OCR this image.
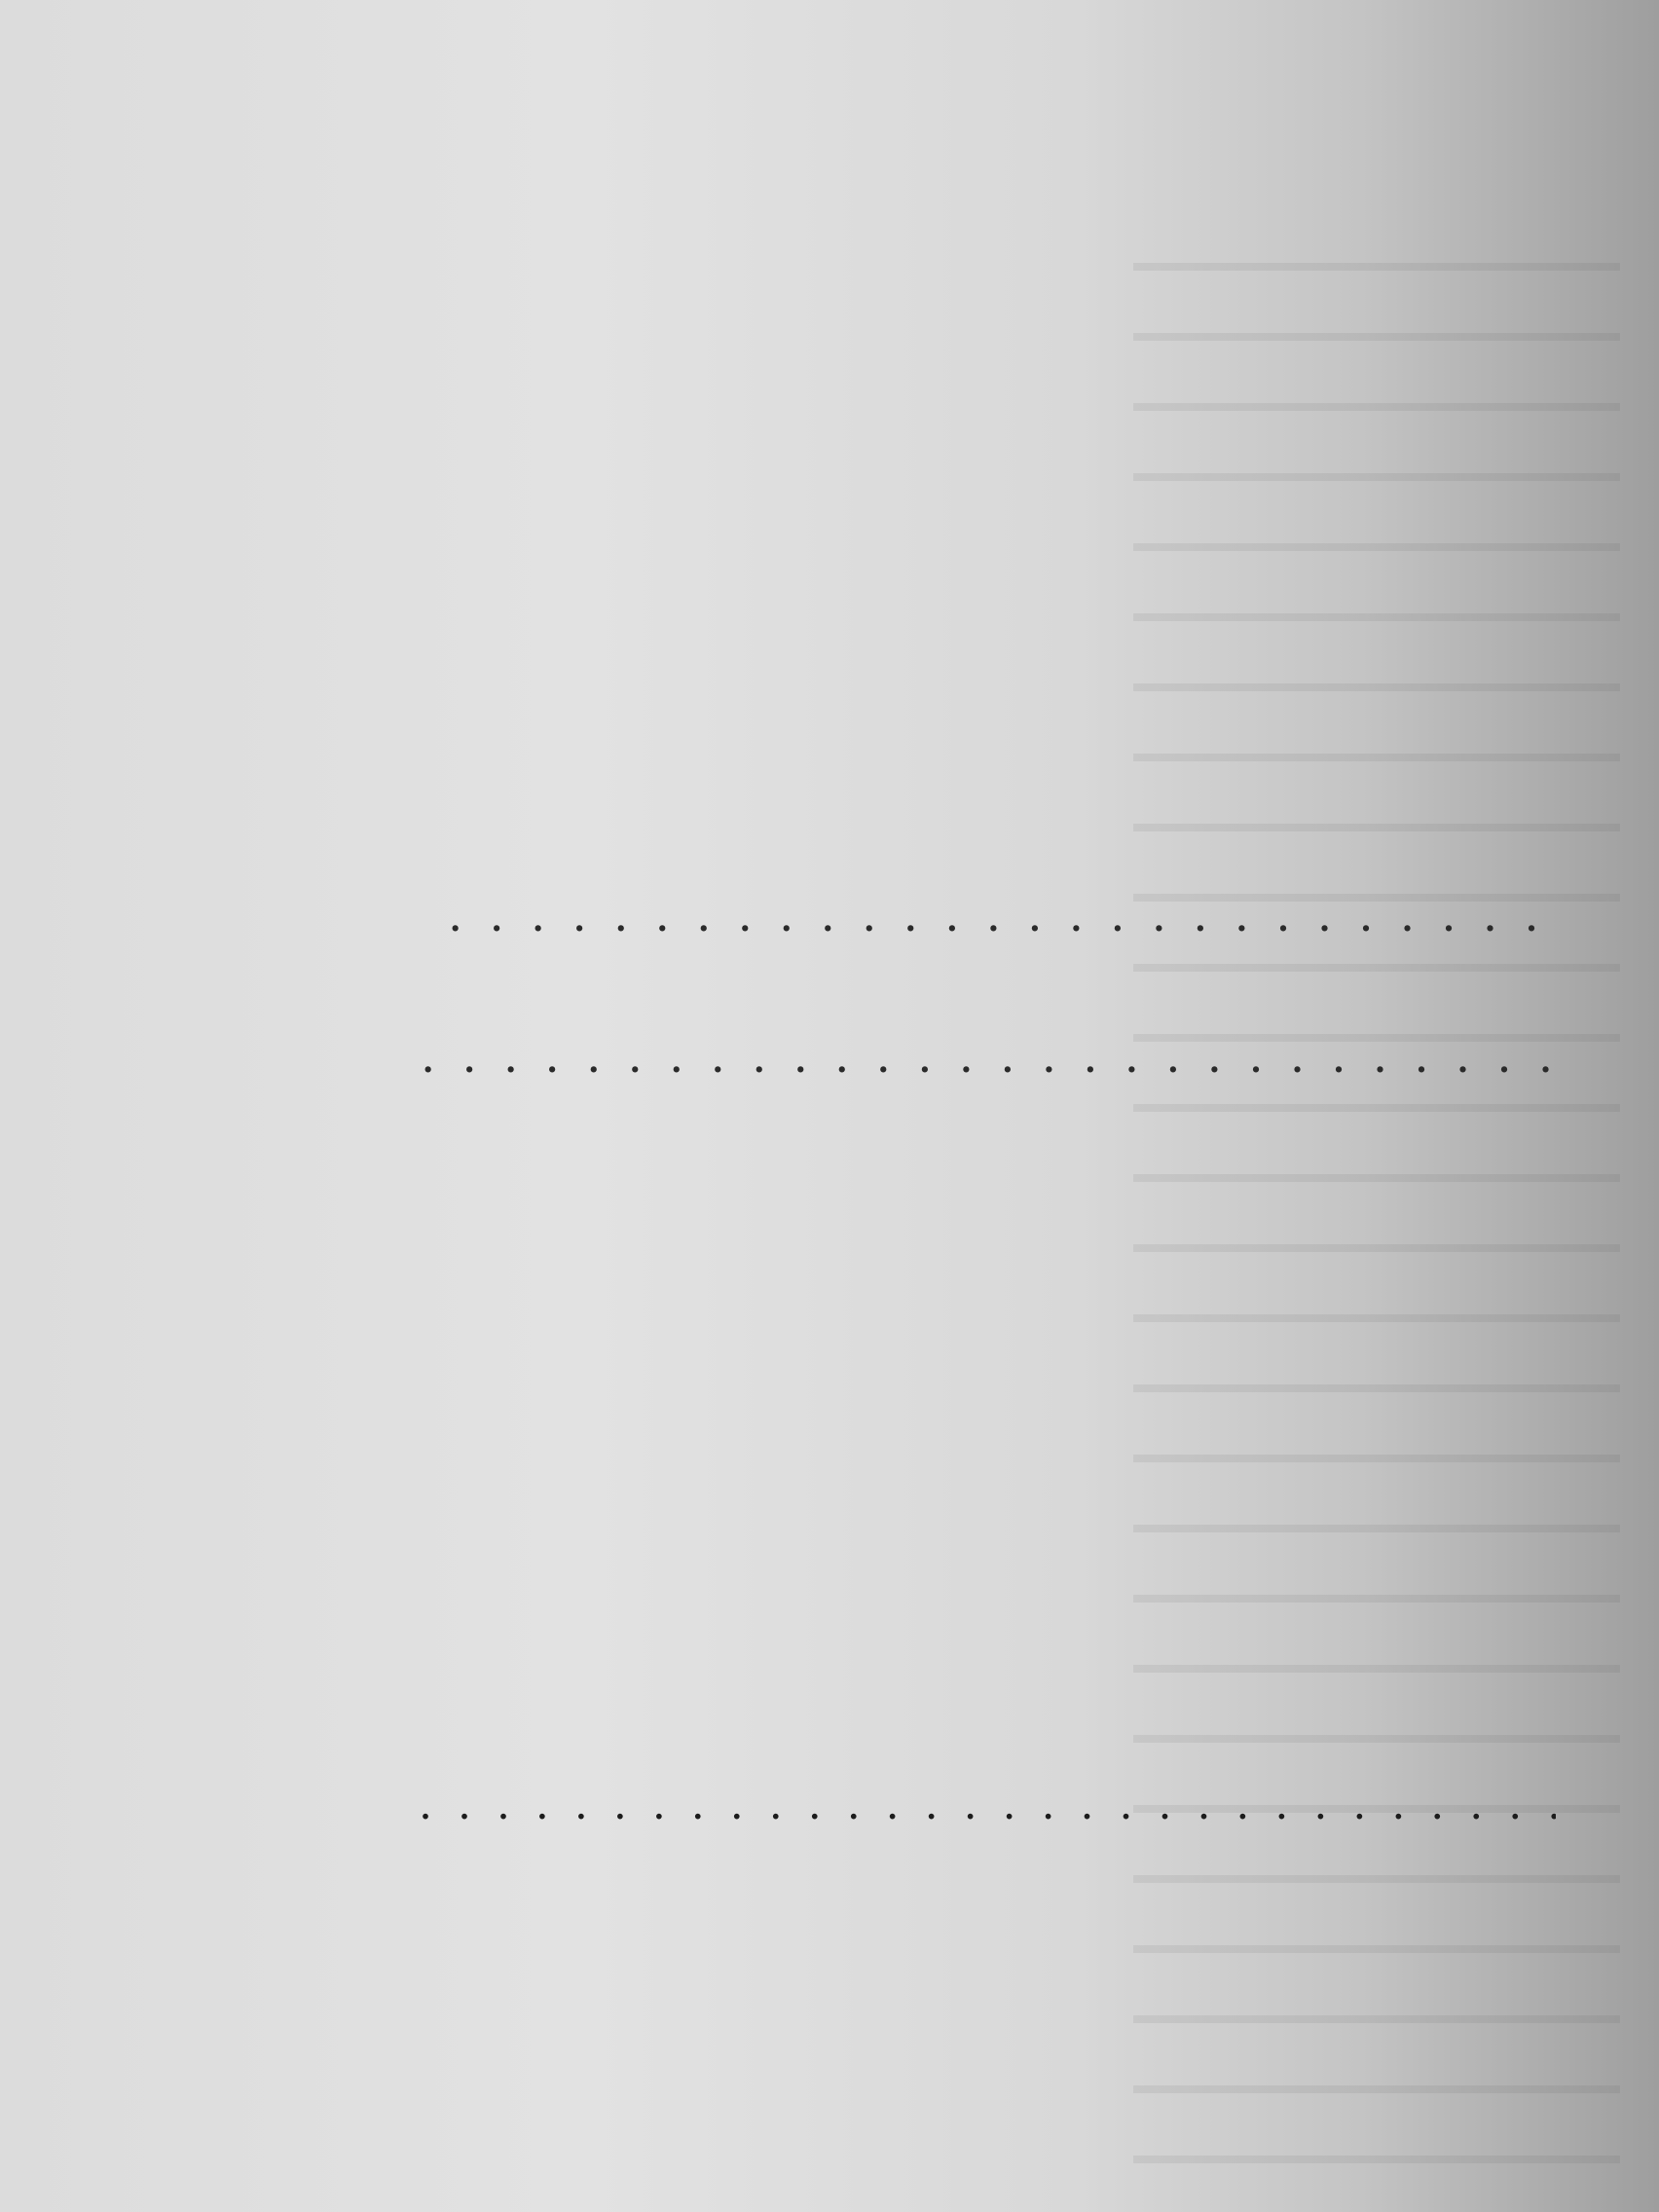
. . .
. . .
. . .
